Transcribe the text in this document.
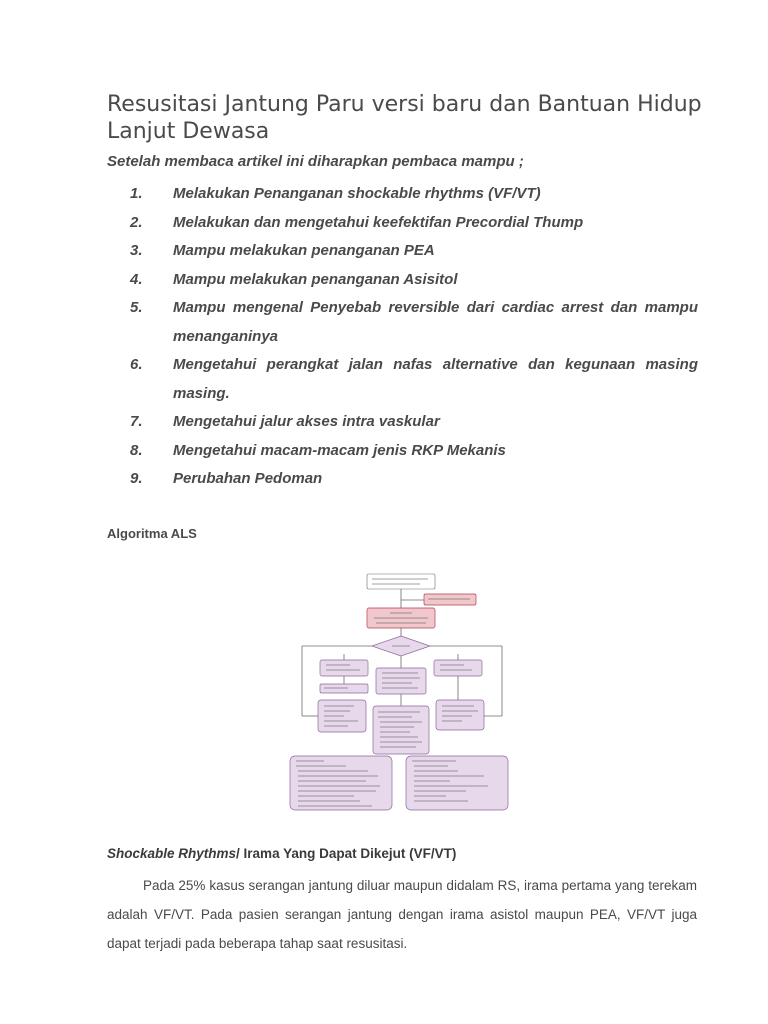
Resusitasi Jantung Paru versi baru dan Bantuan Hidup Lanjut Dewasa
Setelah membaca artikel ini diharapkan pembaca mampu ;
1. Melakukan Penanganan shockable rhythms (VF/VT)
2. Melakukan dan mengetahui keefektifan Precordial Thump
3. Mampu melakukan penanganan PEA
4. Mampu melakukan penanganan Asisitol
5. Mampu mengenal Penyebab reversible dari cardiac arrest dan mampu menanganinya
6. Mengetahui perangkat jalan nafas alternative dan kegunaan masing masing.
7. Mengetahui jalur akses intra vaskular
8. Mengetahui macam-macam jenis RKP Mekanis
9. Perubahan Pedoman
Algoritma ALS
Shockable Rhythms/ Irama Yang Dapat Dikejut (VF/VT)

Pada 25% kasus serangan jantung diluar maupun didalam RS, irama pertama yang terekam adalah VF/VT. Pada pasien serangan jantung dengan irama asistol maupun PEA, VF/VT juga dapat terjadi pada beberapa tahap saat resusitasi.
